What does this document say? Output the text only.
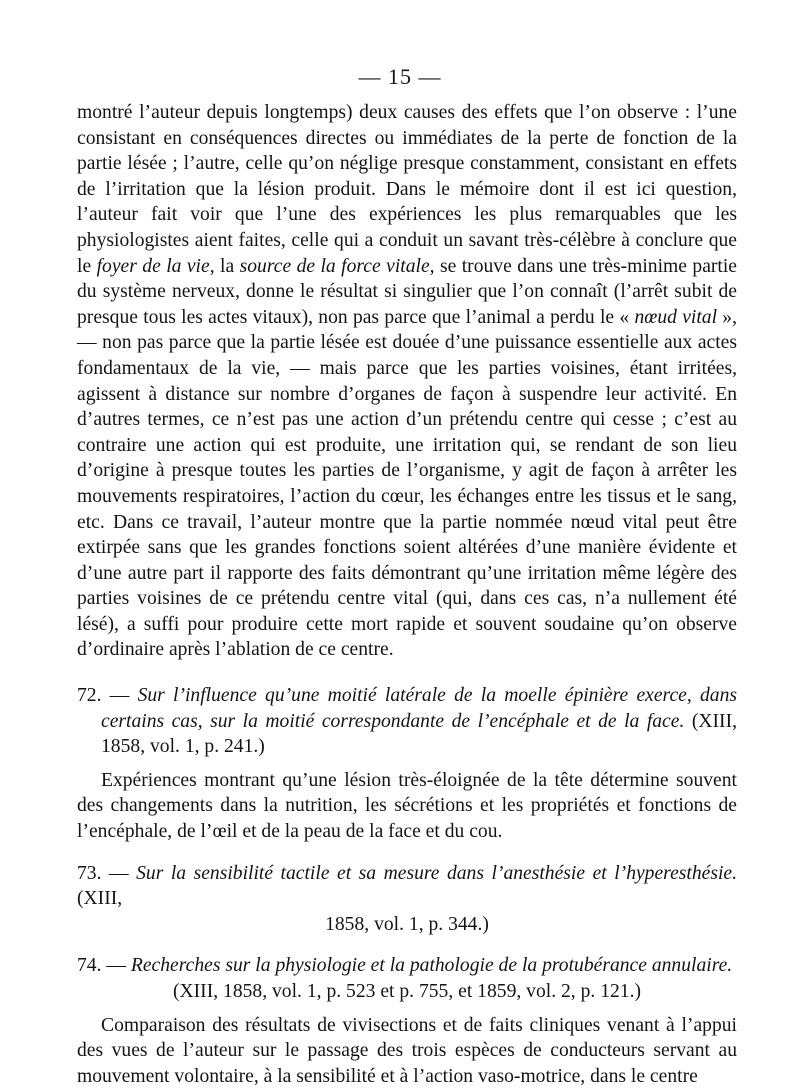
— 15 —

montré l’auteur depuis longtemps) deux causes des effets que l’on observe : l’une consistant en conséquences directes ou immédiates de la perte de fonction de la partie lésée ; l’autre, celle qu’on néglige presque constamment, consistant en effets de l’irritation que la lésion produit. Dans le mémoire dont il est ici question, l’auteur fait voir que l’une des expériences les plus remarquables que les physiologistes aient faites, celle qui a conduit un savant très-célèbre à conclure que le foyer de la vie, la source de la force vitale, se trouve dans une très-minime partie du système nerveux, donne le résultat si singulier que l’on connaît (l’arrêt subit de presque tous les actes vitaux), non pas parce que l’animal a perdu le « nœud vital », — non pas parce que la partie lésée est douée d’une puissance essentielle aux actes fondamentaux de la vie, — mais parce que les parties voisines, étant irritées, agissent à distance sur nombre d’organes de façon à suspendre leur activité. En d’autres termes, ce n’est pas une action d’un prétendu centre qui cesse ; c’est au contraire une action qui est produite, une irritation qui, se rendant de son lieu d’origine à presque toutes les parties de l’organisme, y agit de façon à arrêter les mouvements respiratoires, l’action du cœur, les échanges entre les tissus et le sang, etc. Dans ce travail, l’auteur montre que la partie nommée nœud vital peut être extirpée sans que les grandes fonctions soient altérées d’une manière évidente et d’une autre part il rapporte des faits démontrant qu’une irritation même légère des parties voisines de ce prétendu centre vital (qui, dans ces cas, n’a nullement été lésé), a suffi pour produire cette mort rapide et souvent soudaine qu’on observe d’ordinaire après l’ablation de ce centre.

72. — Sur l’influence qu’une moitié latérale de la moelle épinière exerce, dans certains cas, sur la moitié correspondante de l’encéphale et de la face. (XIII, 1858, vol. 1, p. 241.)

Expériences montrant qu’une lésion très-éloignée de la tête détermine souvent des changements dans la nutrition, les sécrétions et les propriétés et fonctions de l’encéphale, de l’œil et de la peau de la face et du cou.

73. — Sur la sensibilité tactile et sa mesure dans l’anesthésie et l’hyperesthésie. (XIII,

1858, vol. 1, p. 344.)

74. — Recherches sur la physiologie et la pathologie de la protubérance annulaire.

(XIII, 1858, vol. 1, p. 523 et p. 755, et 1859, vol. 2, p. 121.)

Comparaison des résultats de vivisections et de faits cliniques venant à l’appui des vues de l’auteur sur le passage des trois espèces de conducteurs servant au mouvement volontaire, à la sensibilité et à l’action vaso-motrice, dans le centre
